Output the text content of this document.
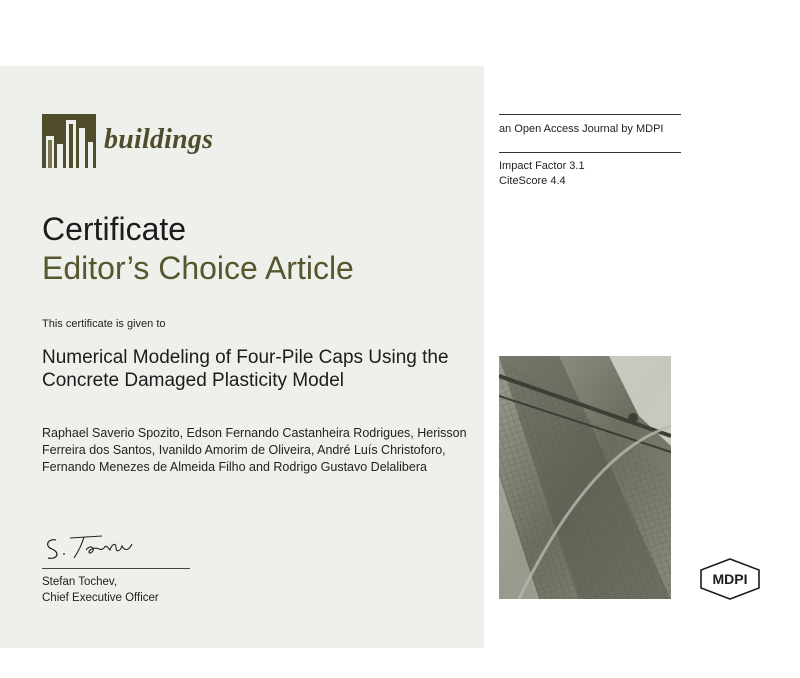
buildings
Certificate
Editor’s Choice Article
This certificate is given to
Numerical Modeling of Four-Pile Caps Using the Concrete Damaged Plasticity Model
Raphael Saverio Spozito, Edson Fernando Castanheira Rodrigues, Herisson Ferreira dos Santos, Ivanildo Amorim de Oliveira, André Luís Christoforo, Fernando Menezes de Almeida Filho and Rodrigo Gustavo Delalibera
Stefan Tochev,
Chief Executive Officer
an Open Access Journal by MDPI
Impact Factor 3.1
CiteScore 4.4
MDPI
